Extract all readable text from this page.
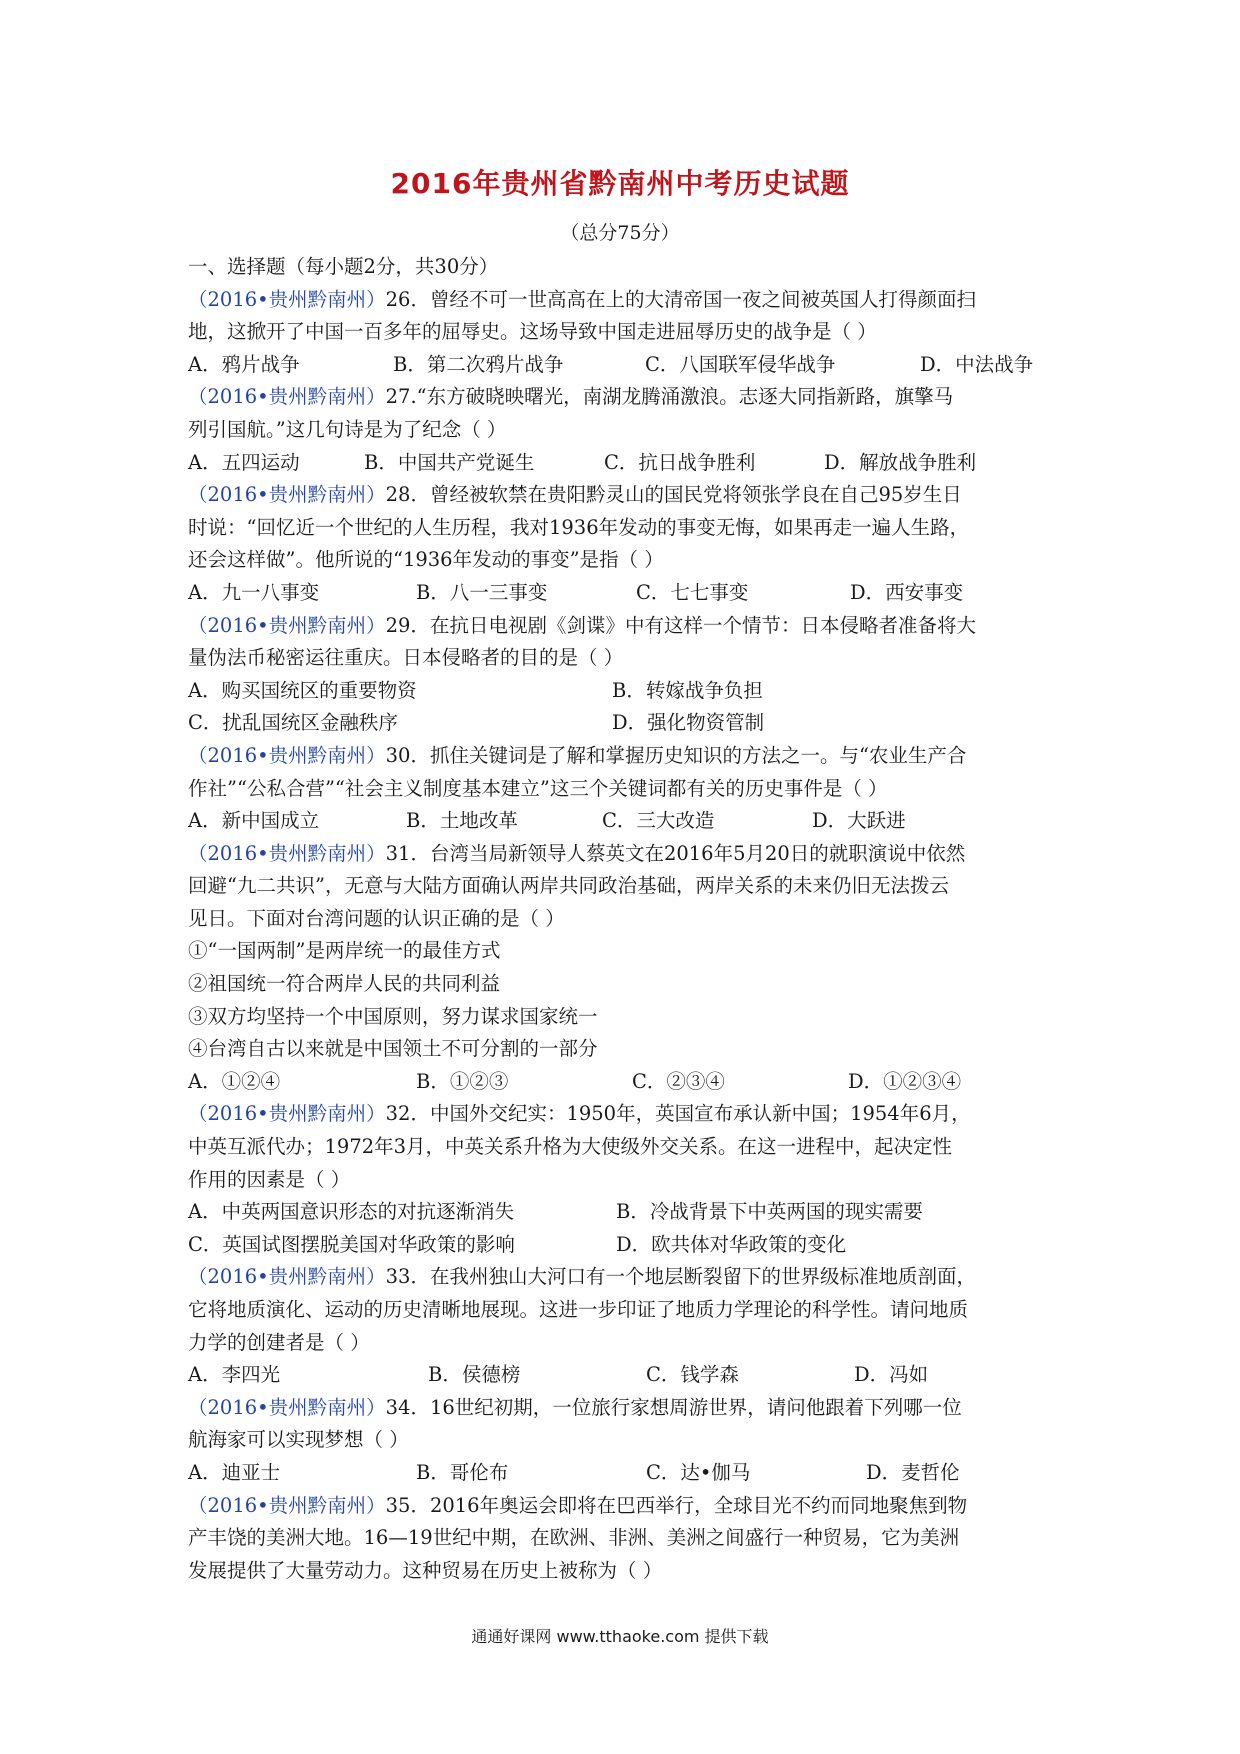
2016年贵州省黔南州中考历史试题
（总分75分）
一、选择题（每小题2分，共30分）
（2016•贵州黔南州）26．曾经不可一世高高在上的大清帝国一夜之间被英国人打得颜面扫
地，这掀开了中国一百多年的屈辱史。这场导致中国走进屈辱历史的战争是（ ）
A．鸦片战争	B．第二次鸦片战争	C．八国联军侵华战争	D．中法战争
（2016•贵州黔南州）27.“东方破晓映曙光，南湖龙腾涌激浪。志逐大同指新路，旗擎马
列引国航。”这几句诗是为了纪念（ ）
A．五四运动	B．中国共产党诞生	C．抗日战争胜利	D．解放战争胜利
（2016•贵州黔南州）28．曾经被软禁在贵阳黔灵山的国民党将领张学良在自己95岁生日
时说：“回忆近一个世纪的人生历程，我对1936年发动的事变无悔，如果再走一遍人生路，
还会这样做”。他所说的“1936年发动的事变”是指（ ）
A．九一八事变	B．八一三事变	C．七七事变	D．西安事变
（2016•贵州黔南州）29．在抗日电视剧《剑谍》中有这样一个情节：日本侵略者准备将大
量伪法币秘密运往重庆。日本侵略者的目的是（ ）
A．购买国统区的重要物资	B．转嫁战争负担
C．扰乱国统区金融秩序	D．强化物资管制
（2016•贵州黔南州）30．抓住关键词是了解和掌握历史知识的方法之一。与“农业生产合
作社”“公私合营”“社会主义制度基本建立”这三个关键词都有关的历史事件是（ ）
A．新中国成立	B．土地改革	C．三大改造	D．大跃进
（2016•贵州黔南州）31．台湾当局新领导人蔡英文在2016年5月20日的就职演说中依然
回避“九二共识”，无意与大陆方面确认两岸共同政治基础，两岸关系的未来仍旧无法拨云
见日。下面对台湾问题的认识正确的是（ ）
①“一国两制”是两岸统一的最佳方式
②祖国统一符合两岸人民的共同利益
③双方均坚持一个中国原则，努力谋求国家统一
④台湾自古以来就是中国领土不可分割的一部分
A．①②④	B．①②③	C．②③④	D．①②③④
（2016•贵州黔南州）32．中国外交纪实：1950年，英国宣布承认新中国；1954年6月，
中英互派代办；1972年3月，中英关系升格为大使级外交关系。在这一进程中，起决定性
作用的因素是（ ）
A．中英两国意识形态的对抗逐渐消失	B．冷战背景下中英两国的现实需要
C．英国试图摆脱美国对华政策的影响	D．欧共体对华政策的变化
（2016•贵州黔南州）33．在我州独山大河口有一个地层断裂留下的世界级标准地质剖面，
它将地质演化、运动的历史清晰地展现。这进一步印证了地质力学理论的科学性。请问地质
力学的创建者是（ ）
A．李四光	B．侯德榜	C．钱学森	D．冯如
（2016•贵州黔南州）34．16世纪初期，一位旅行家想周游世界，请问他跟着下列哪一位
航海家可以实现梦想（ ）
A．迪亚士	B．哥伦布	C．达•伽马	D．麦哲伦
（2016•贵州黔南州）35．2016年奥运会即将在巴西举行，全球目光不约而同地聚焦到物
产丰饶的美洲大地。16—19世纪中期，在欧洲、非洲、美洲之间盛行一种贸易，它为美洲
发展提供了大量劳动力。这种贸易在历史上被称为（ ）
通通好课网 www.tthaoke.com 提供下载
